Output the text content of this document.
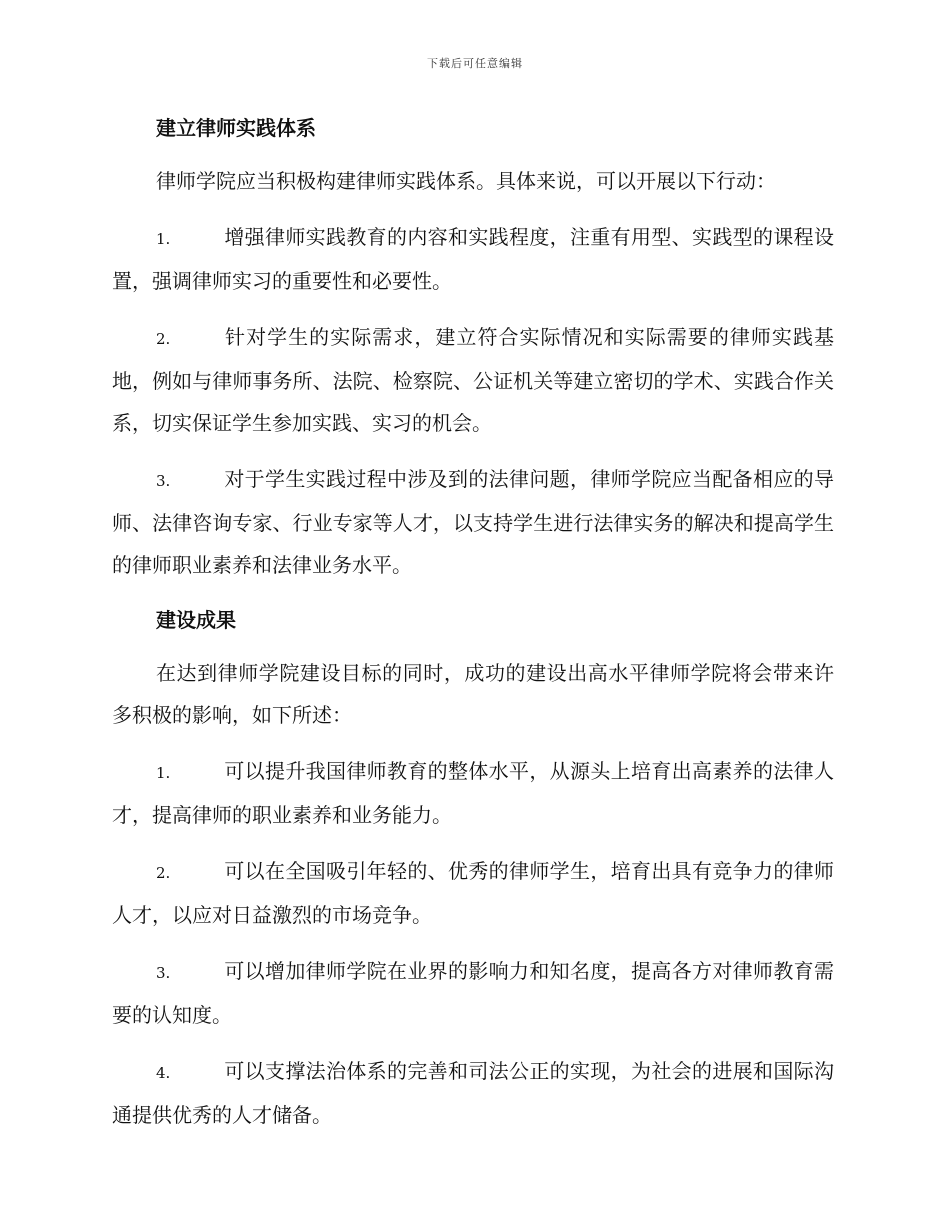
下载后可任意编辑

建立律师实践体系

律师学院应当积极构建律师实践体系。具体来说，可以开展以下行动：

1.	增强律师实践教育的内容和实践程度，注重有用型、实践型的课程设置，强调律师实习的重要性和必要性。

2.	针对学生的实际需求，建立符合实际情况和实际需要的律师实践基地，例如与律师事务所、法院、检察院、公证机关等建立密切的学术、实践合作关系，切实保证学生参加实践、实习的机会。

3.	对于学生实践过程中涉及到的法律问题，律师学院应当配备相应的导师、法律咨询专家、行业专家等人才，以支持学生进行法律实务的解决和提高学生的律师职业素养和法律业务水平。

建设成果

在达到律师学院建设目标的同时，成功的建设出高水平律师学院将会带来许多积极的影响，如下所述：

1.	可以提升我国律师教育的整体水平，从源头上培育出高素养的法律人才，提高律师的职业素养和业务能力。

2.	可以在全国吸引年轻的、优秀的律师学生，培育出具有竞争力的律师人才，以应对日益激烈的市场竞争。

3.	可以增加律师学院在业界的影响力和知名度，提高各方对律师教育需要的认知度。

4.	可以支撑法治体系的完善和司法公正的实现，为社会的进展和国际沟通提供优秀的人才储备。
